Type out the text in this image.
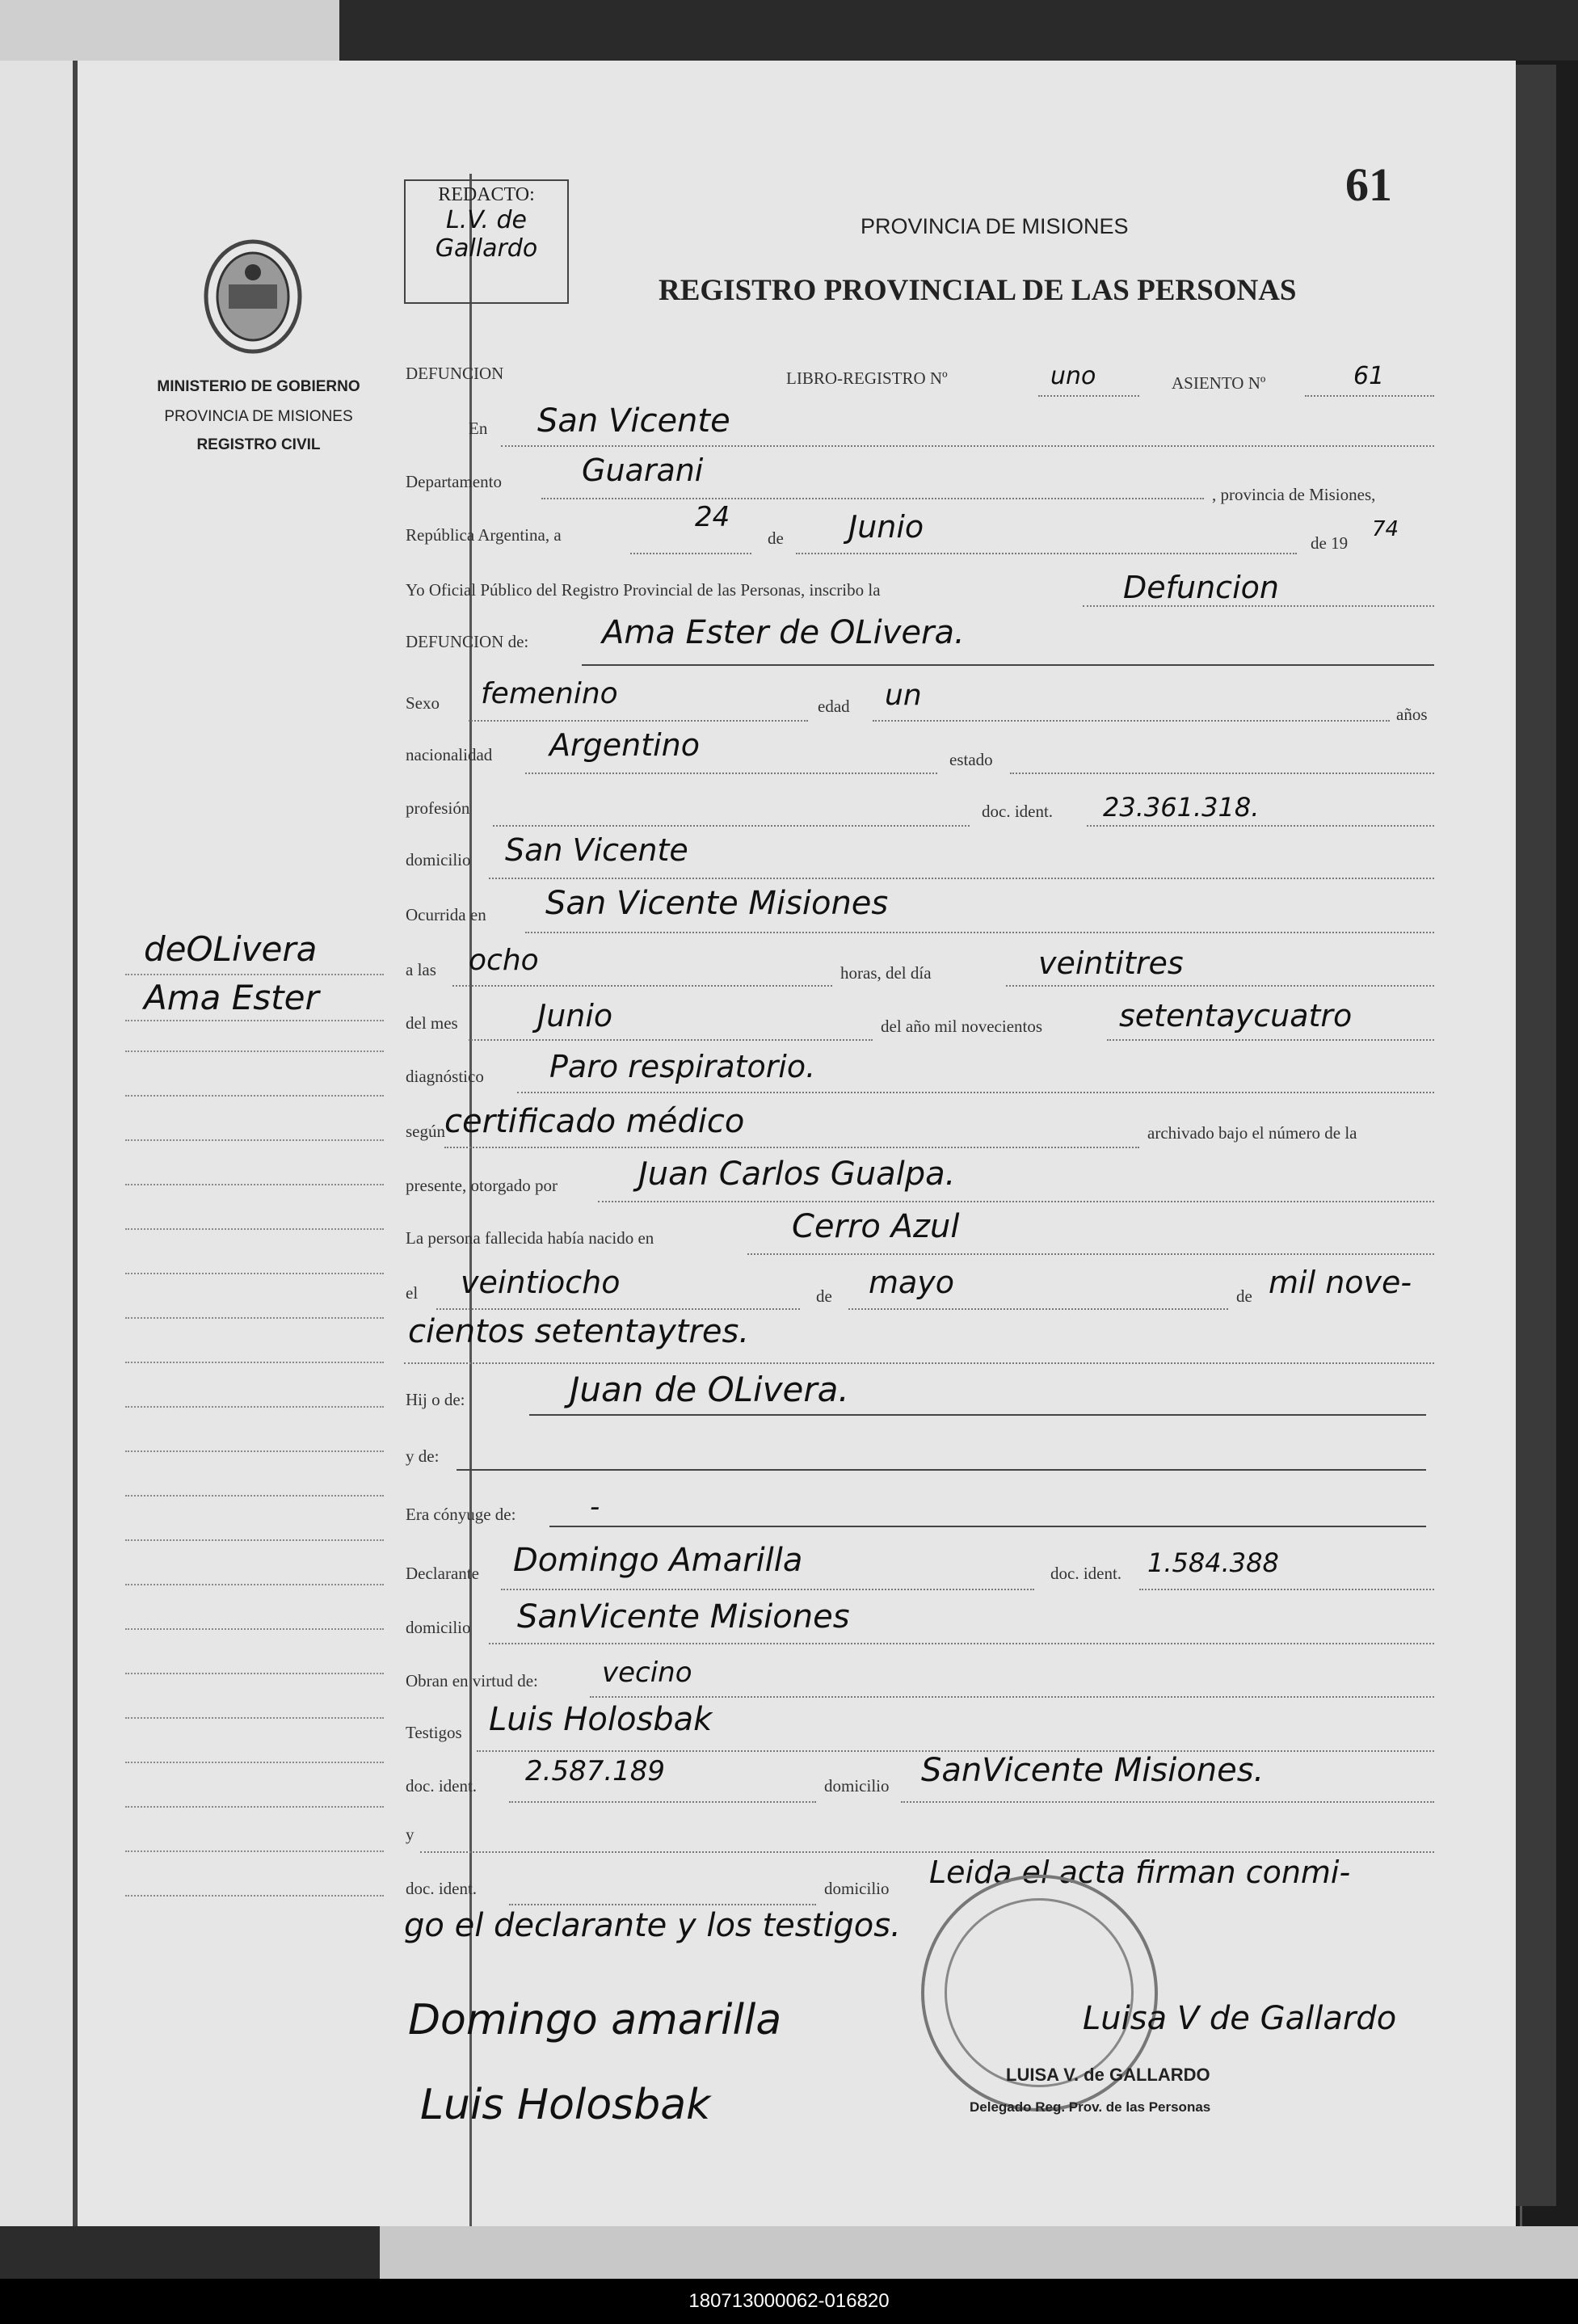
180713000062-016820
61
REDACTO:
L.V. de
Gallardo
PROVINCIA DE MISIONES
REGISTRO PROVINCIAL DE LAS PERSONAS
MINISTERIO DE GOBIERNO
PROVINCIA DE MISIONES
REGISTRO CIVIL
deOLivera
Ama Ester
DEFUNCION	LIBRO-REGISTRO Nº	uno	ASIENTO Nº	61
En San Vicente
Departamento	Guarani
, provincia de Misiones,
República Argentina, a
24
de Junio	de 19
74
Yo Oficial Público del Registro Provincial de las Personas, inscribo la	Defuncion
DEFUNCION de: Ama Ester de OLivera.
Sexo femenino	edad un
años
nacionalidad Argentino	estado
profesión	doc. ident. 23.361.318.
domicilio San Vicente
Ocurrida en San Vicente Misiones
a las ocho	horas, del día	veintitres
del mes	Junio	del año mil novecientos setentaycuatro
diagnóstico Paro respiratorio.
según certificado médico	archivado bajo el número de la
presente, otorgado por	Juan Carlos Gualpa.
La persona fallecida había nacido en	Cerro Azul
el veintiocho	de mayo	de mil nove-
cientos setentaytres.
Hij o de:	Juan de OLivera.
y de:
Era cónyuge de:	-
Declarante Domingo Amarilla	doc. ident. 1.584.388
domicilio SanVicente Misiones
Obran en virtud de: vecino
Testigos Luis Holosbak
doc. ident. 2.587.189	domicilio SanVicente Misiones.
y
doc. ident.	domicilio Leida el acta firman conmi-
go el declarante y los testigos.
Domingo amarilla
Luis Holosbak
Luisa V de Gallardo
LUISA V. de GALLARDO
Delegado Reg. Prov. de las Personas
